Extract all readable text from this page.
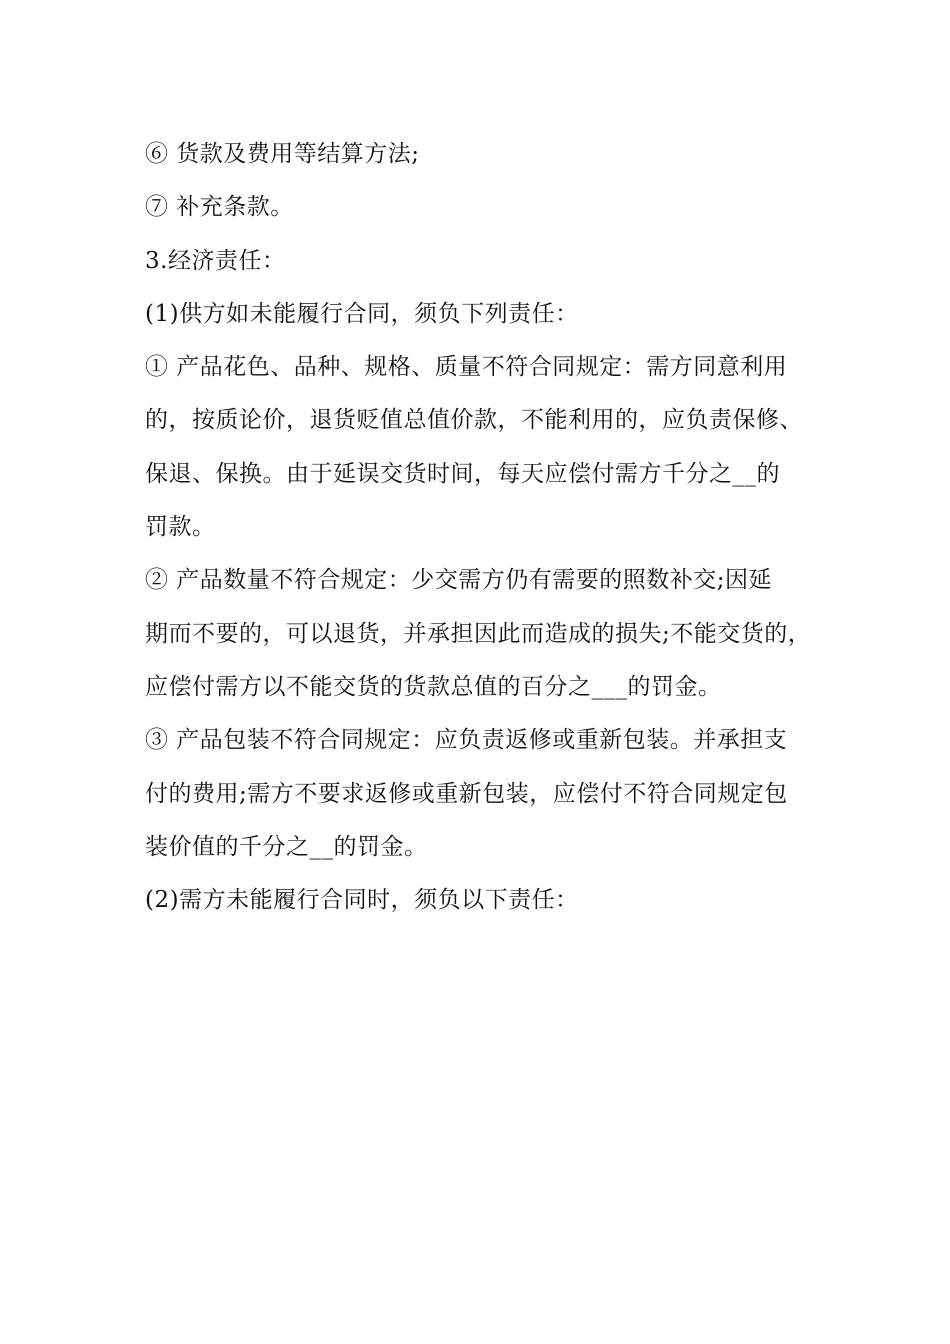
⑥ 货款及费用等结算方法;
⑦ 补充条款。
3.经济责任：
(1)供方如未能履行合同，须负下列责任：
① 产品花色、品种、规格、质量不符合同规定：需方同意利用
的，按质论价，退货贬值总值价款，不能利用的，应负责保修、
保退、保换。由于延误交货时间，每天应偿付需方千分之__的
罚款。
② 产品数量不符合规定：少交需方仍有需要的照数补交;因延
期而不要的，可以退货，并承担因此而造成的损失;不能交货的，
应偿付需方以不能交货的货款总值的百分之___的罚金。
③ 产品包装不符合同规定：应负责返修或重新包装。并承担支
付的费用;需方不要求返修或重新包装，应偿付不符合同规定包
装价值的千分之__的罚金。
(2)需方未能履行合同时，须负以下责任：
